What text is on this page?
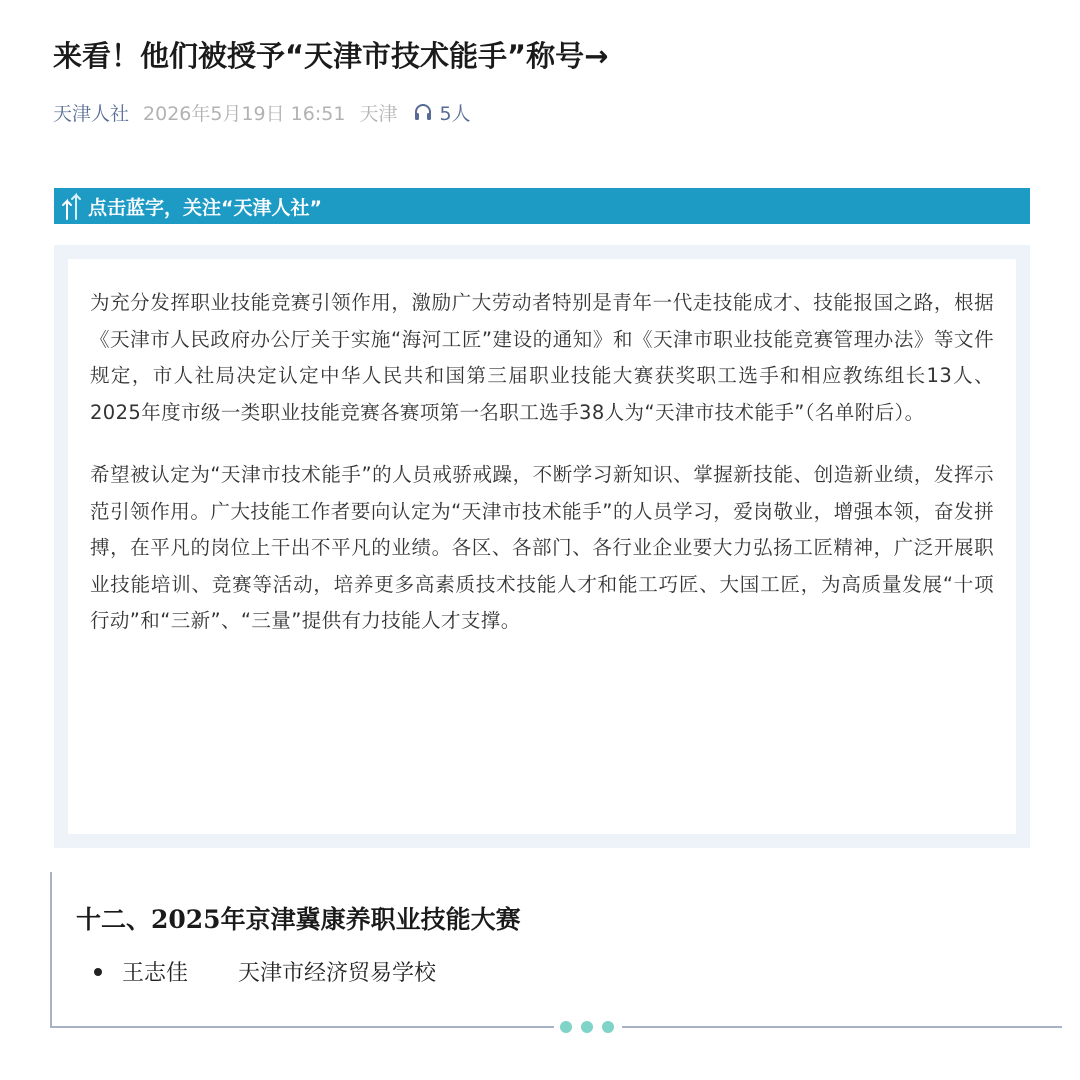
来看！他们被授予“天津市技术能手”称号→
天津人社 2026年5月19日 16:51 天津 5人
点击蓝字，关注“天津人社”

为充分发挥职业技能竞赛引领作用，激励广大劳动者特别是青年一代走技能成才、技能报国之路，根据《天津市人民政府办公厅关于实施“海河工匠”建设的通知》和《天津市职业技能竞赛管理办法》等文件规定，市人社局决定认定中华人民共和国第三届职业技能大赛获奖职工选手和相应教练组长13人、2025年度市级一类职业技能竞赛各赛项第一名职工选手38人为“天津市技术能手”（名单附后）。

希望被认定为“天津市技术能手”的人员戒骄戒躁，不断学习新知识、掌握新技能、创造新业绩，发挥示范引领作用。广大技能工作者要向认定为“天津市技术能手”的人员学习，爱岗敬业，增强本领，奋发拼搏，在平凡的岗位上干出不平凡的业绩。各区、各部门、各行业企业要大力弘扬工匠精神，广泛开展职业技能培训、竞赛等活动，培养更多高素质技术技能人才和能工巧匠、大国工匠，为高质量发展“十项行动”和“三新”、“三量”提供有力技能人才支撑。

十二、2025年京津冀康养职业技能大赛
王志佳 天津市经济贸易学校
